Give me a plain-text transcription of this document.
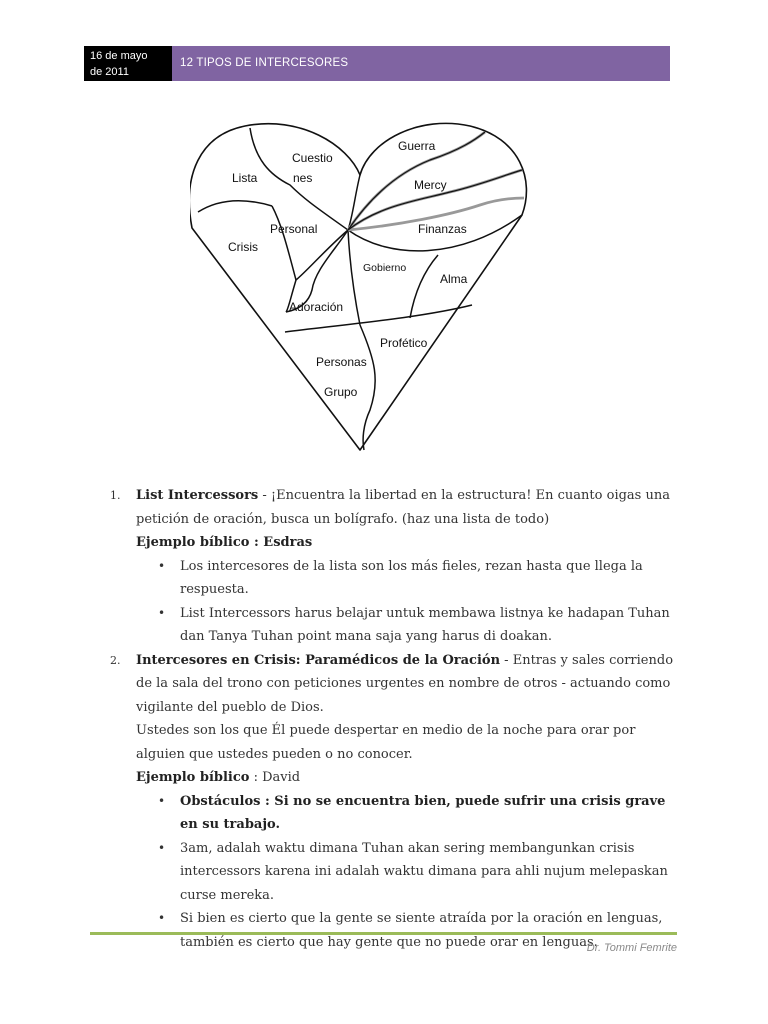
16 de mayo
de 2011
12 TIPOS DE INTERCESORES
Lista
Cuestio
nes
Guerra
Mercy
Personal	Finanzas
Crisis
Gobierno
Alma
Adoración
Profético
Personas
Grupo
1. List Intercessors - ¡Encuentra la libertad en la estructura! En cuanto oigas una petición de oración, busca un bolígrafo. (haz una lista de todo)
Ejemplo bíblico : Esdras
• Los intercesores de la lista son los más fieles, rezan hasta que llega la respuesta.
• List Intercessors harus belajar untuk membawa listnya ke hadapan Tuhan dan Tanya Tuhan point mana saja yang harus di doakan.
2. Intercesores en Crisis: Paramédicos de la Oración - Entras y sales corriendo de la sala del trono con peticiones urgentes en nombre de otros - actuando como vigilante del pueblo de Dios.
Ustedes son los que Él puede despertar en medio de la noche para orar por alguien que ustedes pueden o no conocer.
Ejemplo bíblico : David
• Obstáculos : Si no se encuentra bien, puede sufrir una crisis grave en su trabajo.
• 3am, adalah waktu dimana Tuhan akan sering membangunkan crisis intercessors karena ini adalah waktu dimana para ahli nujum melepaskan curse mereka.
• Si bien es cierto que la gente se siente atraída por la oración en lenguas, también es cierto que hay gente que no puede orar en lenguas.
Dr. Tommi Femrite
